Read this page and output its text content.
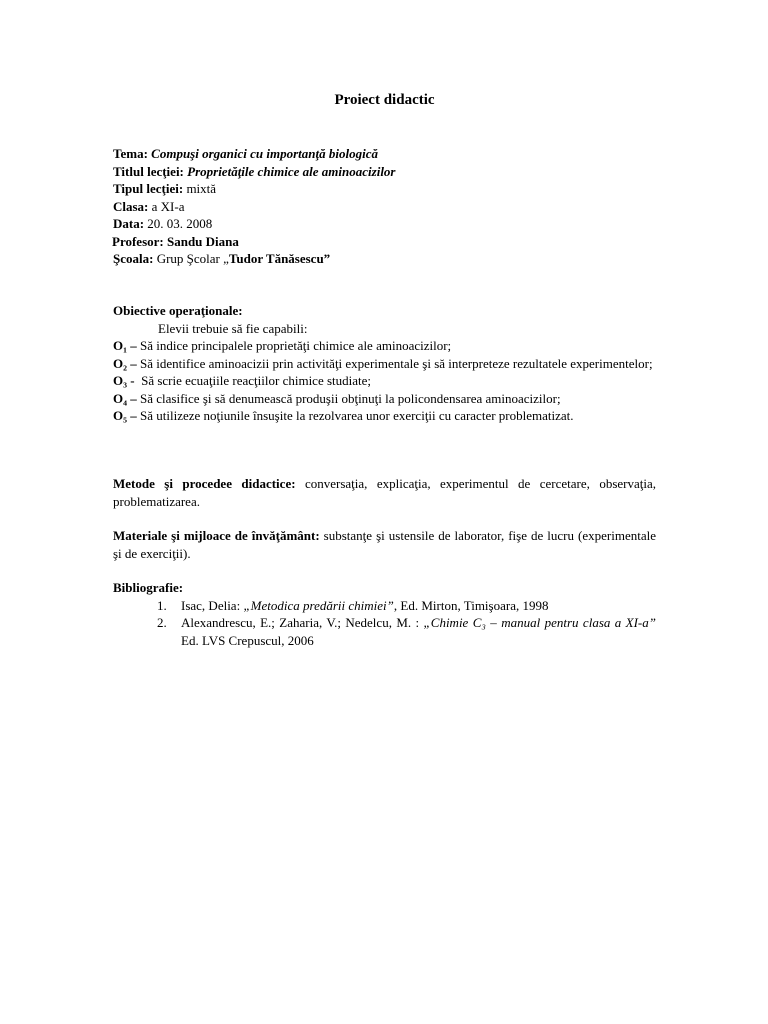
Proiect didactic
Tema: Compuşi organici cu importanţă biologică
Titlul lecţiei: Proprietăţile chimice ale aminoacizilor
Tipul lecţiei: mixtă
Clasa: a XI-a
Data: 20. 03. 2008
Profesor: Sandu Diana
Şcoala: Grup Şcolar „Tudor Tănăsescu”
Obiective operaţionale:
Elevii trebuie să fie capabili:
O₁ – Să indice principalele proprietăţi chimice ale aminoacizilor;
O₂ – Să identifice aminoacizii prin activităţi experimentale şi să interpreteze rezultatele experimentelor;
O₃ -  Să scrie ecuaţiile reacţiilor chimice studiate;
O₄ – Să clasifice şi să denumească produşii obţinuţi la policondensarea aminoacizilor;
O₅ – Să utilizeze noţiunile însuşite la rezolvarea unor exerciţii cu caracter problematizat.
Metode şi procedee didactice: conversaţia, explicaţia, experimentul de cercetare, observaţia, problematizarea.
Materiale şi mijloace de învăţământ: substanţe şi ustensile de laborator, fişe de lucru (experimentale şi de exerciţii).
Bibliografie:
1. Isac, Delia: „Metodica predării chimiei”, Ed. Mirton, Timişoara, 1998
2. Alexandrescu, E.; Zaharia, V.; Nedelcu, M. : „Chimie C₃ – manual pentru clasa a XI-a” Ed. LVS Crepuscul, 2006
